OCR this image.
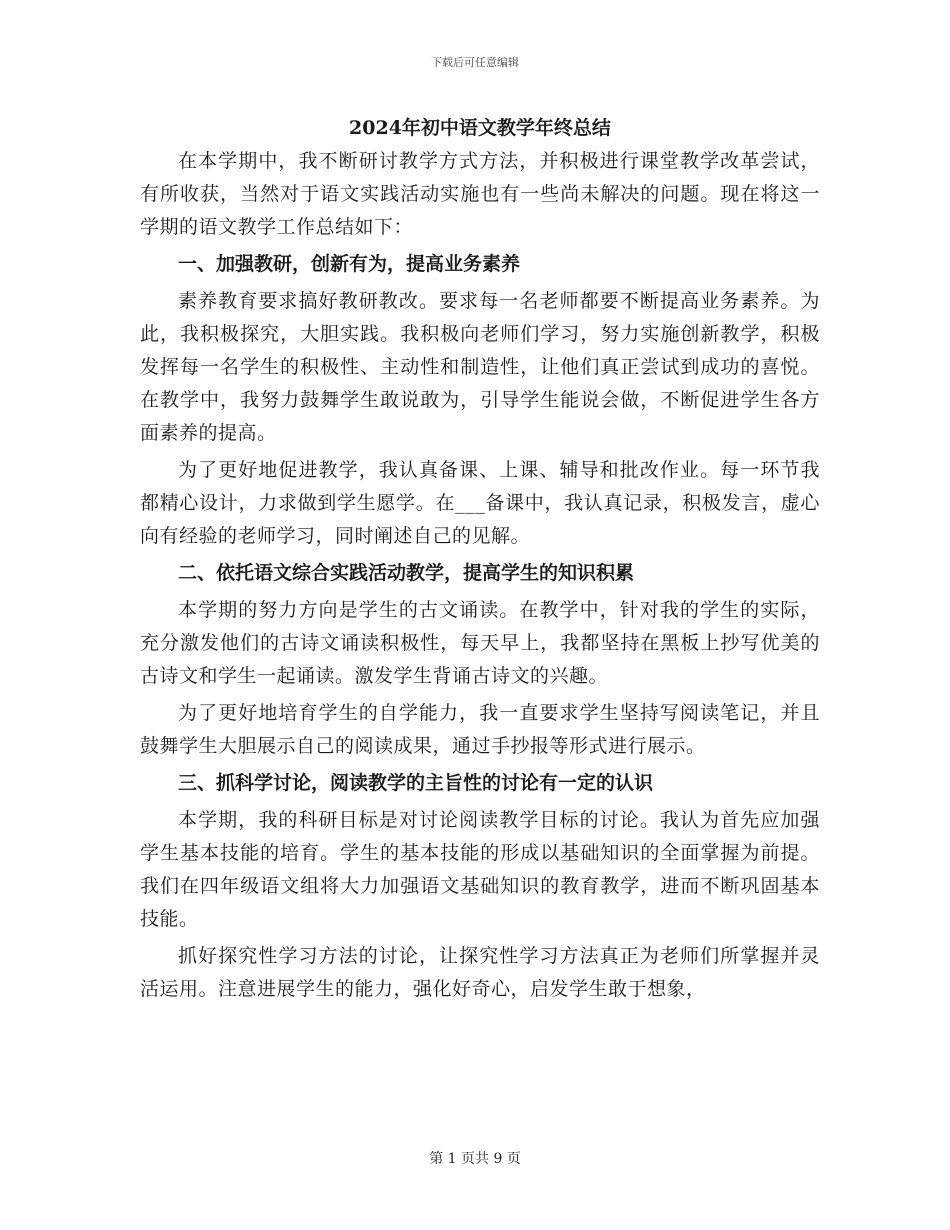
下载后可任意编辑
2024年初中语文教学年终总结

在本学期中，我不断研讨教学方式方法，并积极进行课堂教学改革尝试，有所收获，当然对于语文实践活动实施也有一些尚未解决的问题。现在将这一学期的语文教学工作总结如下：

一、加强教研，创新有为，提高业务素养

素养教育要求搞好教研教改。要求每一名老师都要不断提高业务素养。为此，我积极探究，大胆实践。我积极向老师们学习，努力实施创新教学，积极发挥每一名学生的积极性、主动性和制造性，让他们真正尝试到成功的喜悦。在教学中，我努力鼓舞学生敢说敢为，引导学生能说会做，不断促进学生各方面素养的提高。

为了更好地促进教学，我认真备课、上课、辅导和批改作业。每一环节我都精心设计，力求做到学生愿学。在___备课中，我认真记录，积极发言，虚心向有经验的老师学习，同时阐述自己的见解。

二、依托语文综合实践活动教学，提高学生的知识积累

本学期的努力方向是学生的古文诵读。在教学中，针对我的学生的实际，充分激发他们的古诗文诵读积极性，每天早上，我都坚持在黑板上抄写优美的古诗文和学生一起诵读。激发学生背诵古诗文的兴趣。

为了更好地培育学生的自学能力，我一直要求学生坚持写阅读笔记，并且鼓舞学生大胆展示自己的阅读成果，通过手抄报等形式进行展示。

三、抓科学讨论，阅读教学的主旨性的讨论有一定的认识

本学期，我的科研目标是对讨论阅读教学目标的讨论。我认为首先应加强学生基本技能的培育。学生的基本技能的形成以基础知识的全面掌握为前提。我们在四年级语文组将大力加强语文基础知识的教育教学，进而不断巩固基本技能。

抓好探究性学习方法的讨论，让探究性学习方法真正为老师们所掌握并灵活运用。注意进展学生的能力，强化好奇心，启发学生敢于想象，

第 1 页共 9 页
